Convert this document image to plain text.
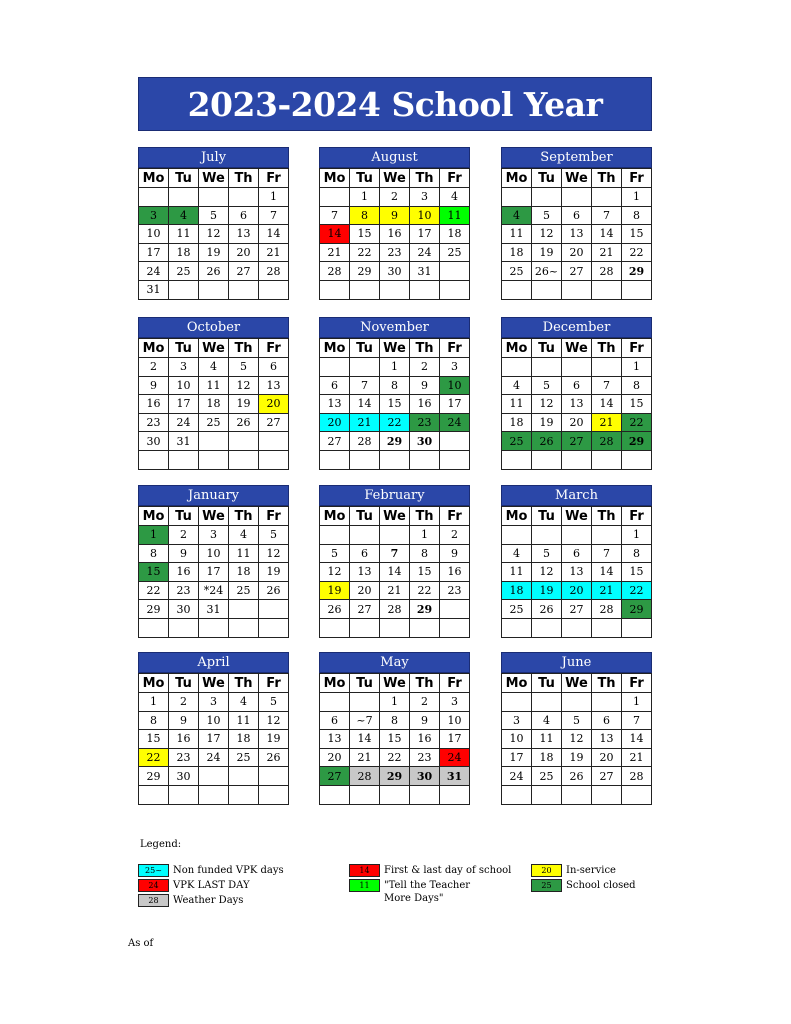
2023-2024 School Year
July
Mo	Tu	We	Th	Fr
				1
3	4	5	6	7
10	11	12	13	14
17	18	19	20	21
24	25	26	27	28
31				
August
Mo	Tu	We	Th	Fr
	1	2	3	4
7	8	9	10	11
14	15	16	17	18
21	22	23	24	25
28	29	30	31	

September
Mo	Tu	We	Th	Fr
				1
4	5	6	7	8
11	12	13	14	15
18	19	20	21	22
25	26~	27	28	29

October
Mo	Tu	We	Th	Fr
2	3	4	5	6
9	10	11	12	13
16	17	18	19	20
23	24	25	26	27
30	31			

November
Mo	Tu	We	Th	Fr
		1	2	3
6	7	8	9	10
13	14	15	16	17
20	21	22	23	24
27	28	29	30	

December
Mo	Tu	We	Th	Fr
				1
4	5	6	7	8
11	12	13	14	15
18	19	20	21	22
25	26	27	28	29

January
Mo	Tu	We	Th	Fr
1	2	3	4	5
8	9	10	11	12
15	16	17	18	19
22	23	*24	25	26
29	30	31		

February
Mo	Tu	We	Th	Fr
			1	2
5	6	7	8	9
12	13	14	15	16
19	20	21	22	23
26	27	28	29	

March
Mo	Tu	We	Th	Fr
				1
4	5	6	7	8
11	12	13	14	15
18	19	20	21	22
25	26	27	28	29

April
Mo	Tu	We	Th	Fr
1	2	3	4	5
8	9	10	11	12
15	16	17	18	19
22	23	24	25	26
29	30			

May
Mo	Tu	We	Th	Fr
		1	2	3
6	~7	8	9	10
13	14	15	16	17
20	21	22	23	24
27	28	29	30	31

June
Mo	Tu	We	Th	Fr
				1
3	4	5	6	7
10	11	12	13	14
17	18	19	20	21
24	25	26	27	28

Legend:
25~	Non funded VPK days
24	VPK LAST DAY
28	Weather Days
14	First & last day of school
11	"Tell the Teacher More Days"
20	In-service
25	School closed
As of
